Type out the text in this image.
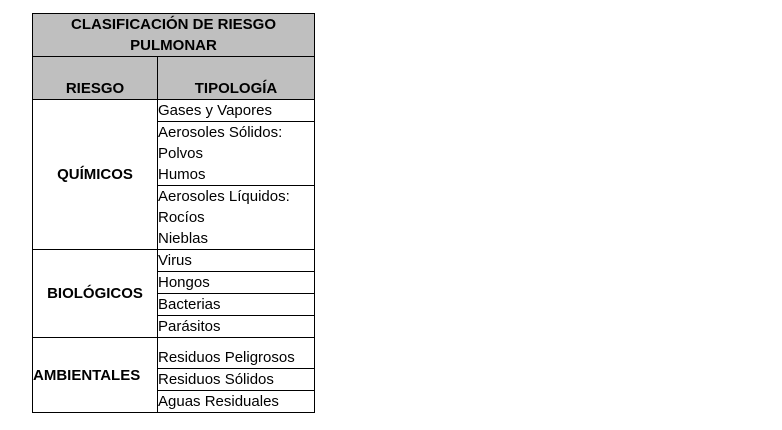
CLASIFICACIÓN DE RIESGO
PULMONAR	

RIESGO	TIPOLOGÍA
QUÍMICOS	Gases y Vapores

	Aerosoles Sólidos:
Polvos
Humos

	Aerosoles Líquidos:
Rocíos
Nieblas

BIOLÓGICOS	Virus

	Hongos

	Bacterias

	Parásitos

AMBIENTALES	Residuos Peligrosos

	Residuos Sólidos

	Aguas Residuales
